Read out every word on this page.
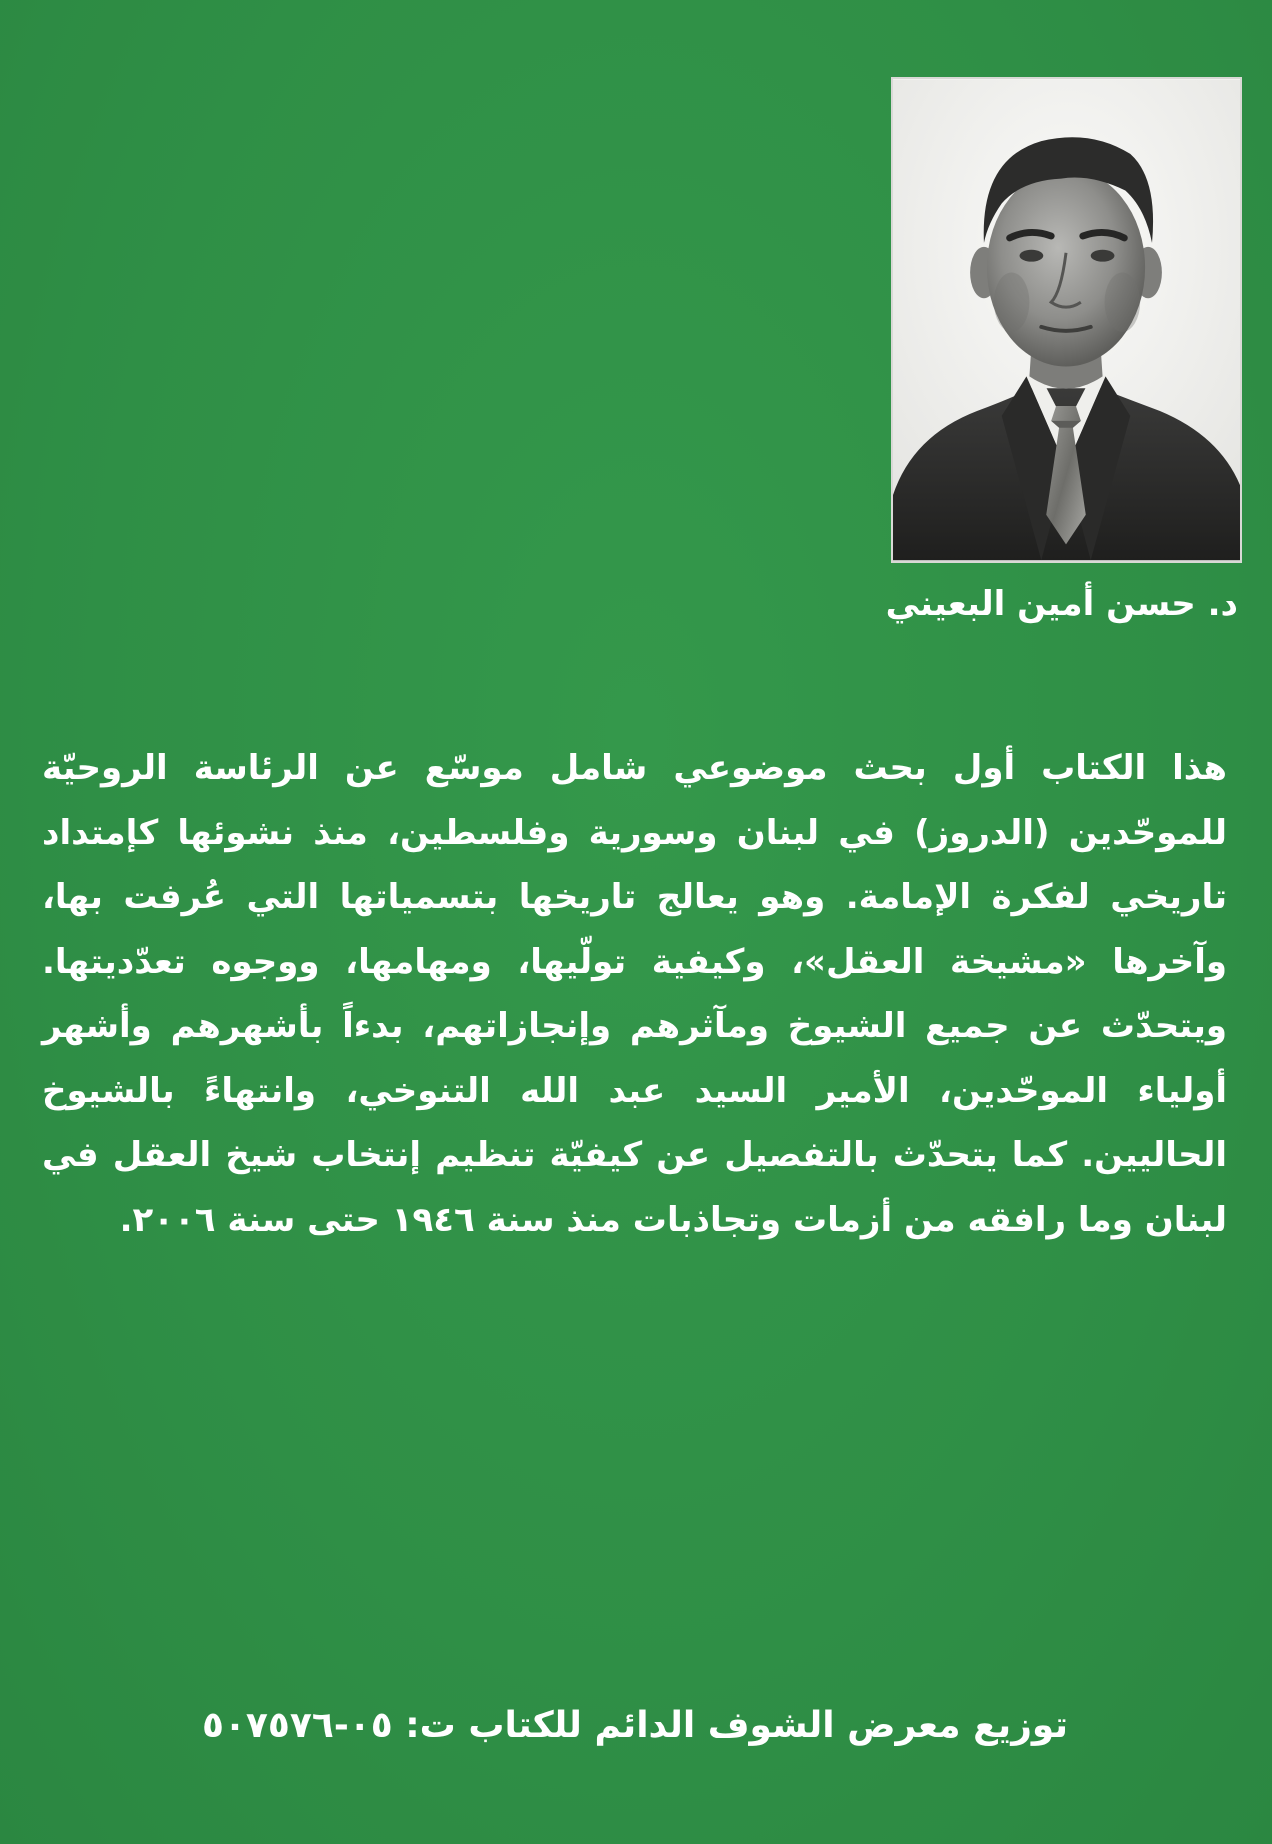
د. حسن أمين البعيني
هذا الكتاب أول بحث موضوعي شامل موسّع عن الرئاسة الروحيّة للموحّدين (الدروز) في لبنان وسورية وفلسطين، منذ نشوئها كإمتداد تاريخي لفكرة الإمامة. وهو يعالج تاريخها بتسمياتها التي عُرفت بها، وآخرها «مشيخة العقل»، وكيفية تولّيها، ومهامها، ووجوه تعدّديتها. ويتحدّث عن جميع الشيوخ ومآثرهم وإنجازاتهم، بدءاً بأشهرهم وأشهر أولياء الموحّدين، الأمير السيد عبد الله التنوخي، وانتهاءً بالشيوخ الحاليين. كما يتحدّث بالتفصيل عن كيفيّة تنظيم إنتخاب شيخ العقل في لبنان وما رافقه من أزمات وتجاذبات منذ سنة ١٩٤٦ حتى سنة ٢٠٠٦.
توزيع معرض الشوف الدائم للكتاب ت: ٠٥-٥٠٧٥٧٦
